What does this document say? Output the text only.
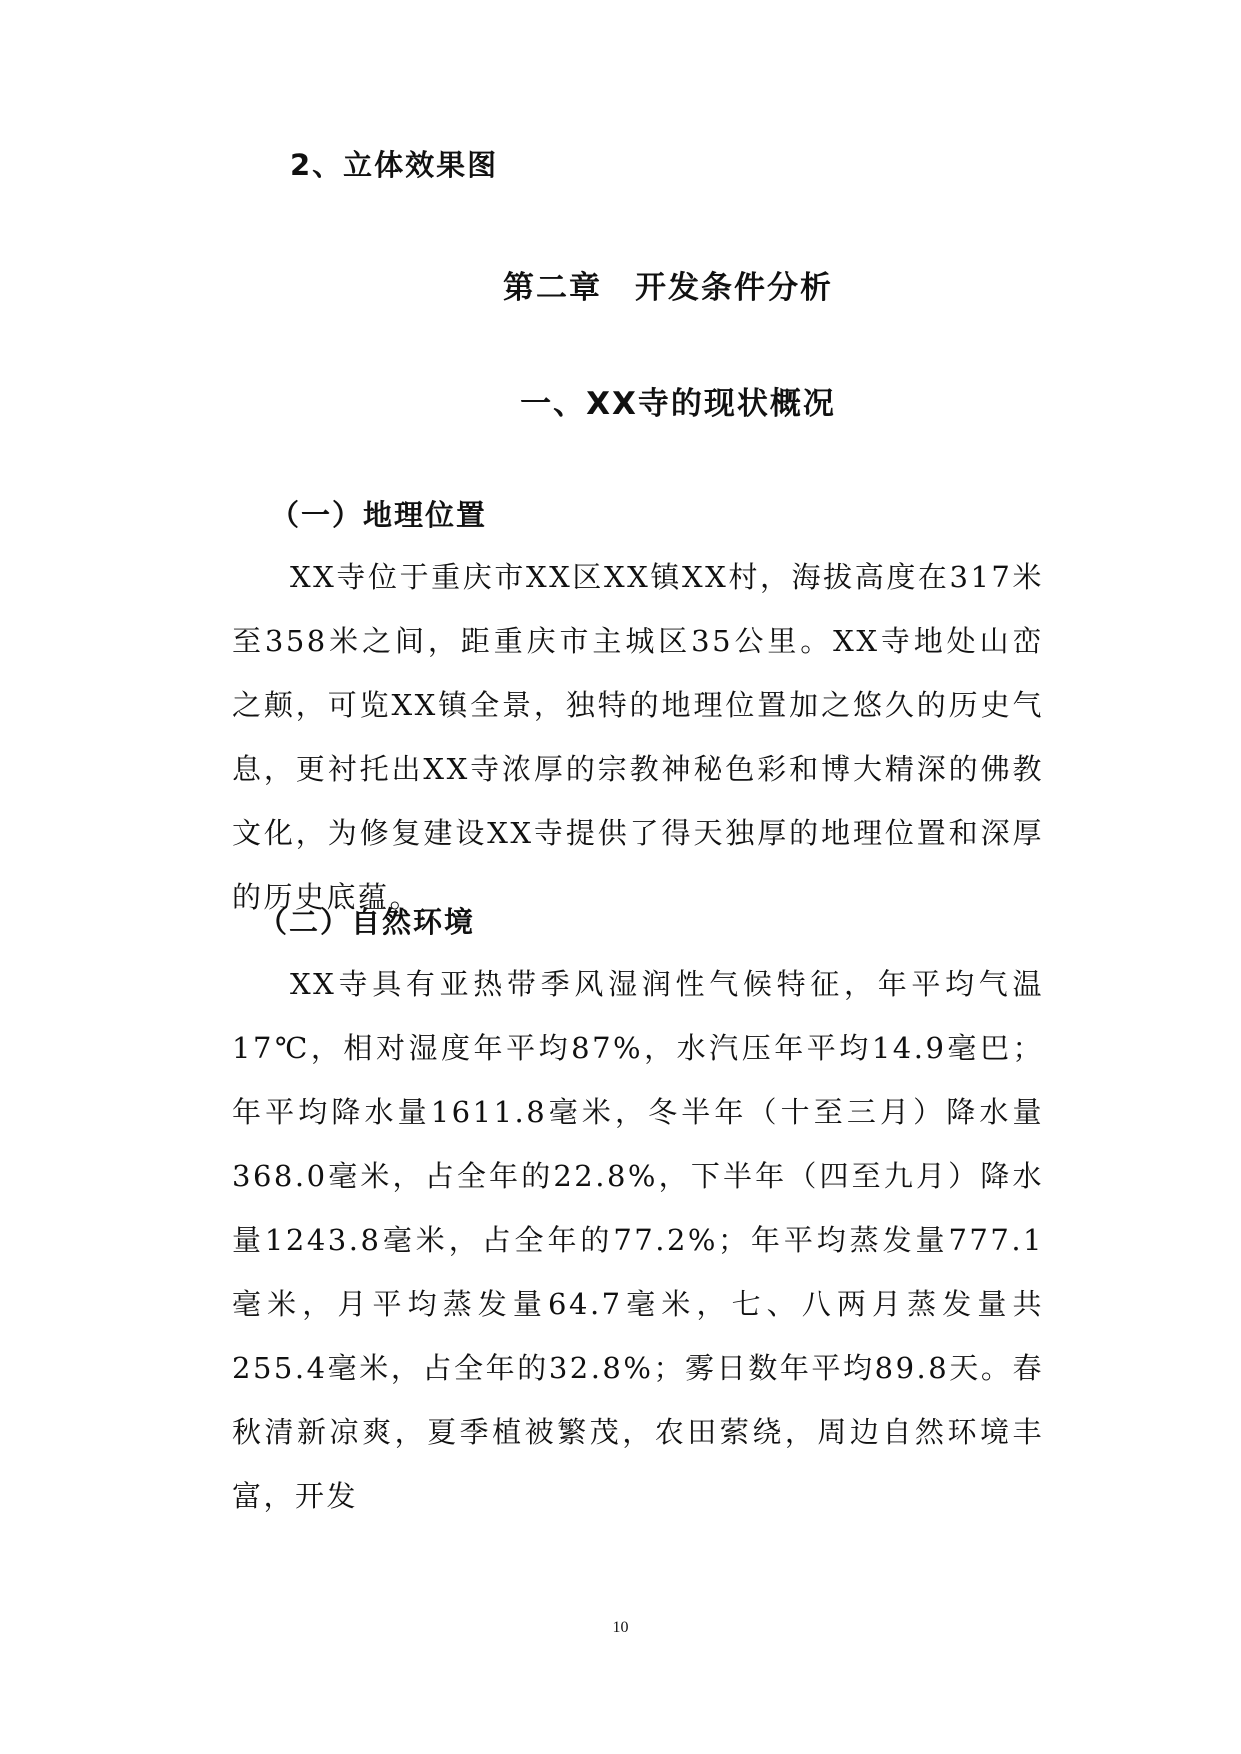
2、立体效果图
第二章　开发条件分析
一、XX寺的现状概况
（一）地理位置

XX寺位于重庆市XX区XX镇XX村，海拔高度在317米至358米之间，距重庆市主城区35公里。XX寺地处山峦之颠，可览XX镇全景，独特的地理位置加之悠久的历史气息，更衬托出XX寺浓厚的宗教神秘色彩和博大精深的佛教文化，为修复建设XX寺提供了得天独厚的地理位置和深厚的历史底蕴。

（二）自然环境

XX寺具有亚热带季风湿润性气候特征，年平均气温17℃，相对湿度年平均87%，水汽压年平均14.9毫巴；年平均降水量1611.8毫米，冬半年（十至三月）降水量368.0毫米，占全年的22.8%，下半年（四至九月）降水量1243.8毫米，占全年的77.2%；年平均蒸发量777.1毫米，月平均蒸发量64.7毫米，七、八两月蒸发量共255.4毫米，占全年的32.8%；雾日数年平均89.8天。春秋清新凉爽，夏季植被繁茂，农田萦绕，周边自然环境丰富，开发

10
